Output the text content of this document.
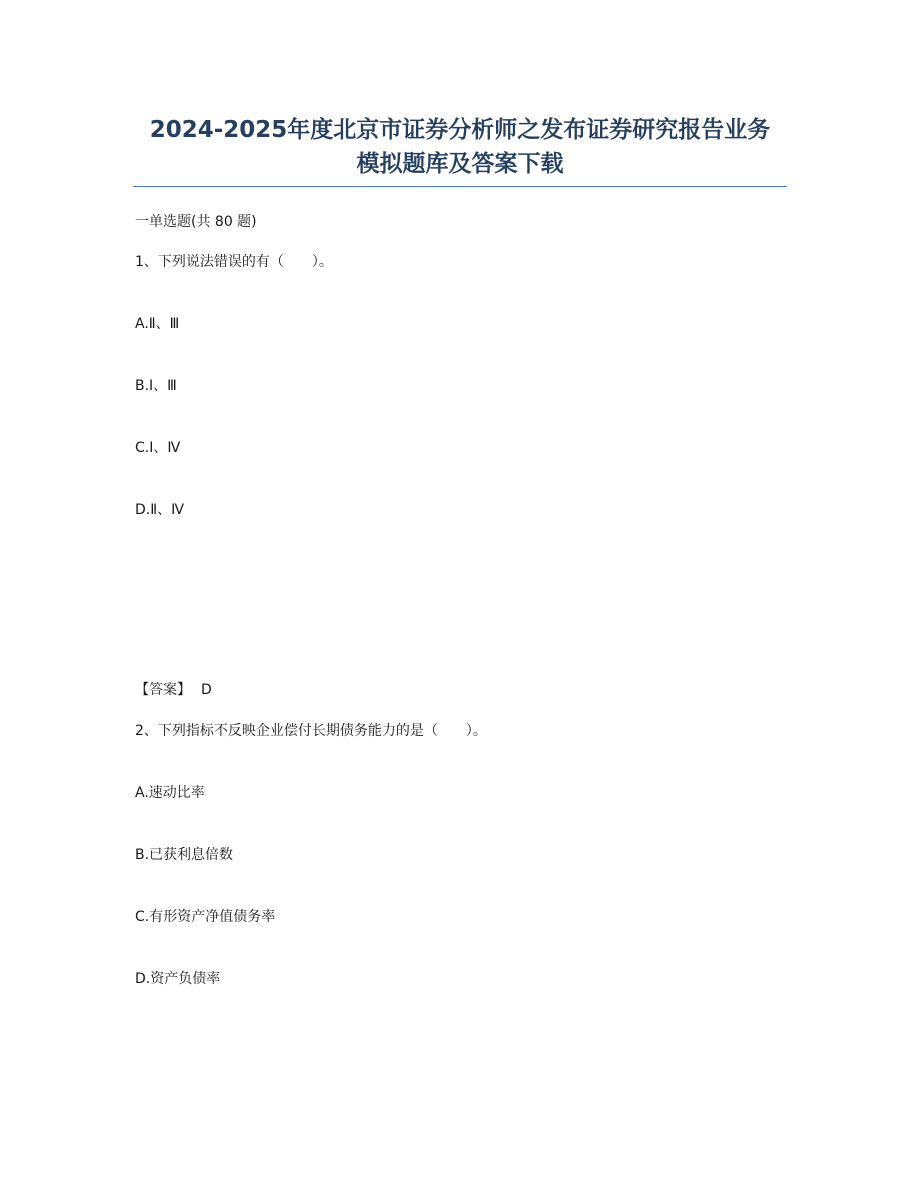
2024-2025年度北京市证券分析师之发布证券研究报告业务
模拟题库及答案下载
一单选题(共 80 题)
1、下列说法错误的有（　　）。
A.Ⅱ、Ⅲ
B.Ⅰ、Ⅲ
C.Ⅰ、Ⅳ
D.Ⅱ、Ⅳ
【答案】 D
2、下列指标不反映企业偿付长期债务能力的是（　　）。
A.速动比率
B.已获利息倍数
C.有形资产净值债务率
D.资产负债率
